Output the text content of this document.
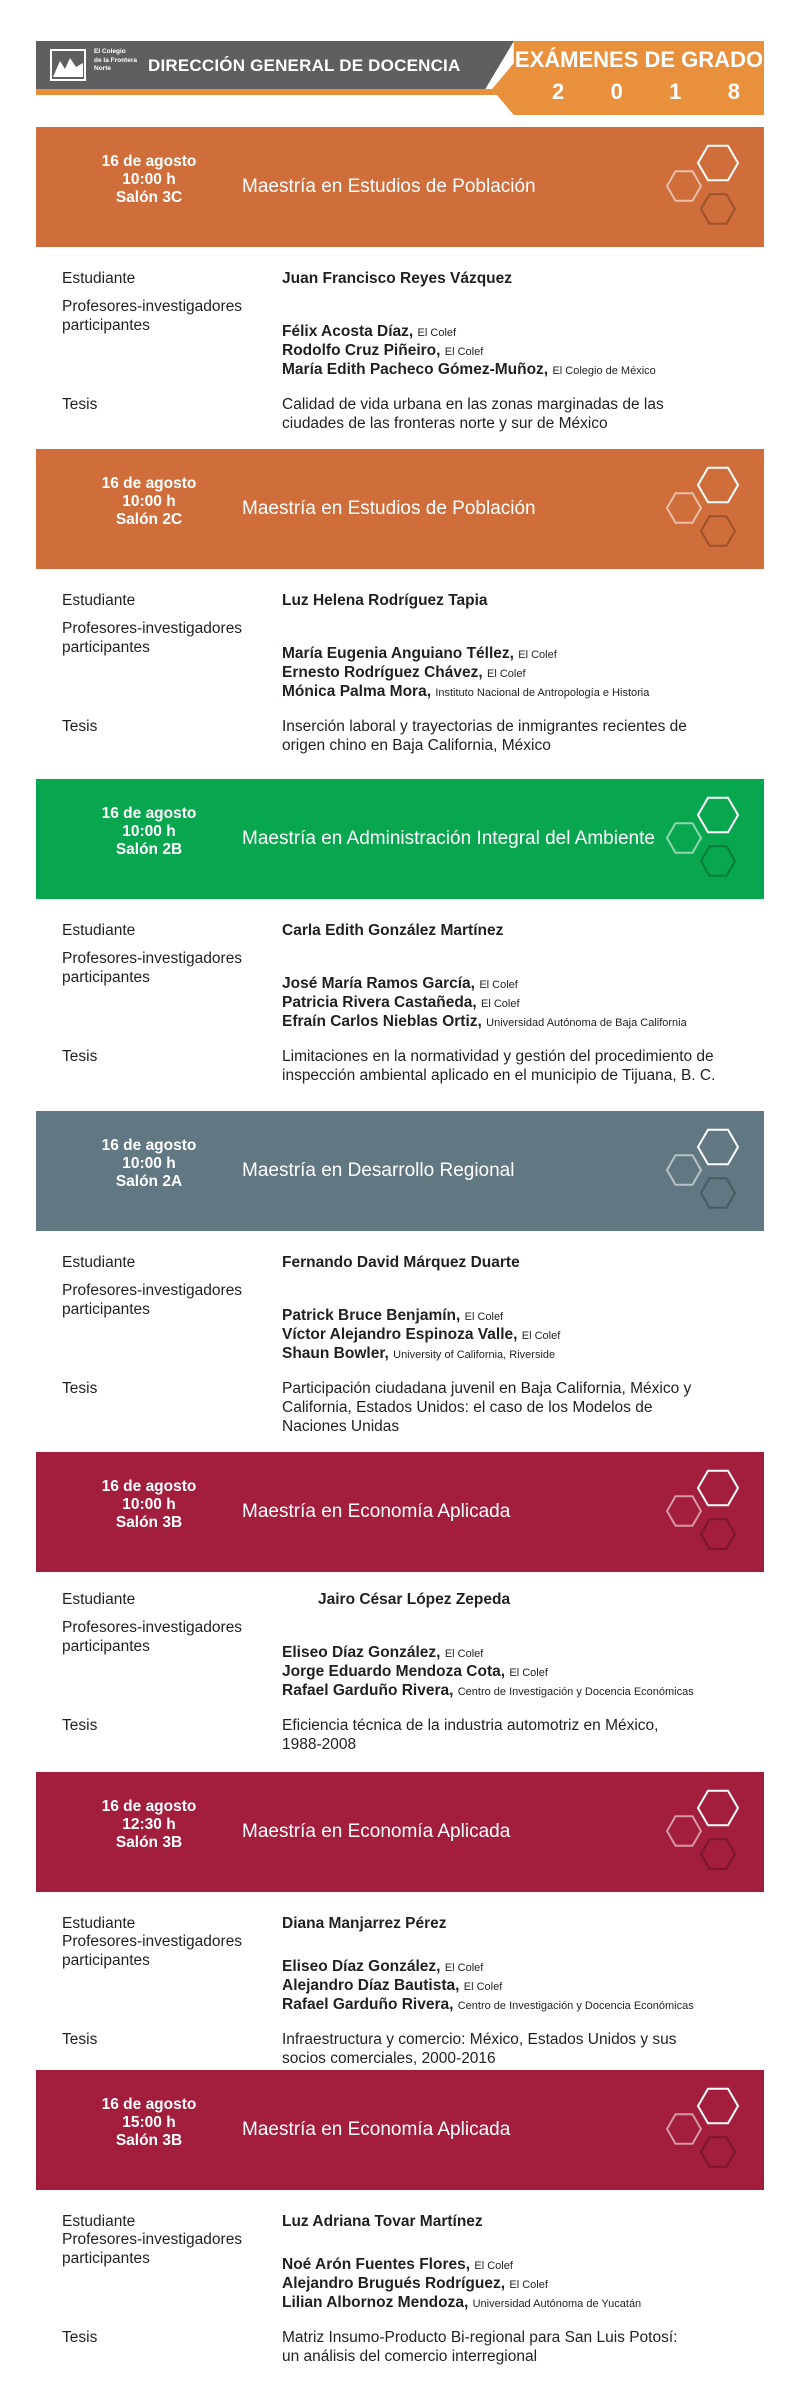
El Colegio
de la Frontera
Norte	DIRECCIÓN GENERAL DE DOCENCIA EXÁMENES DE GRADO
2 0 1 8
16 de agosto
10:00 h
Salón 3C
Maestría en Estudios de Población
Estudiante	Juan Francisco Reyes Vázquez
Profesores-investigadores
participantes	Félix Acosta Díaz, El Colef
Rodolfo Cruz Piñeiro, El Colef
María Edith Pacheco Gómez-Muñoz, El Colegio de México
Tesis	Calidad de vida urbana en las zonas marginadas de las
ciudades de las fronteras norte y sur de México
16 de agosto
10:00 h
Salón 2C
Maestría en Estudios de Población
Estudiante	Luz Helena Rodríguez Tapia
Profesores-investigadores
participantes	María Eugenia Anguiano Téllez, El Colef
Ernesto Rodríguez Chávez, El Colef
Mónica Palma Mora, Instituto Nacional de Antropología e Historia
Tesis	Inserción laboral y trayectorias de inmigrantes recientes de
origen chino en Baja California, México
16 de agosto
10:00 h
Salón 2B
Maestría en Administración Integral del Ambiente
Estudiante	Carla Edith González Martínez
Profesores-investigadores
participantes	José María Ramos García, El Colef
Patricia Rivera Castañeda, El Colef
Efraín Carlos Nieblas Ortiz, Universidad Autónoma de Baja California
Tesis	Limitaciones en la normatividad y gestión del procedimiento de
inspección ambiental aplicado en el municipio de Tijuana, B. C.
16 de agosto
10:00 h
Salón 2A
Maestría en Desarrollo Regional
Estudiante	Fernando David Márquez Duarte
Profesores-investigadores
participantes	Patrick Bruce Benjamín, El Colef
Víctor Alejandro Espinoza Valle, El Colef
Shaun Bowler, University of California, Riverside
Tesis	Participación ciudadana juvenil en Baja California, México y
California, Estados Unidos: el caso de los Modelos de
Naciones Unidas
16 de agosto
10:00 h
Salón 3B
Maestría en Economía Aplicada
Estudiante	Jairo César López Zepeda
Profesores-investigadores
participantes	Eliseo Díaz González, El Colef
Jorge Eduardo Mendoza Cota, El Colef
Rafael Garduño Rivera, Centro de Investigación y Docencia Económicas
Tesis	Eficiencia técnica de la industria automotriz en México,
1988-2008
16 de agosto
12:30 h
Salón 3B
Maestría en Economía Aplicada
Estudiante	Diana Manjarrez Pérez
Profesores-investigadores
participantes	Eliseo Díaz González, El Colef
Alejandro Díaz Bautista, El Colef
Rafael Garduño Rivera, Centro de Investigación y Docencia Económicas
Tesis	Infraestructura y comercio: México, Estados Unidos y sus
socios comerciales, 2000-2016
16 de agosto
15:00 h
Salón 3B
Maestría en Economía Aplicada
Estudiante	Luz Adriana Tovar Martínez
Profesores-investigadores
participantes	Noé Arón Fuentes Flores, El Colef
Alejandro Brugués Rodríguez, El Colef
Lilian Albornoz Mendoza, Universidad Autónoma de Yucatán
Tesis	Matriz Insumo-Producto Bi-regional para San Luis Potosí:
un análisis del comercio interregional
